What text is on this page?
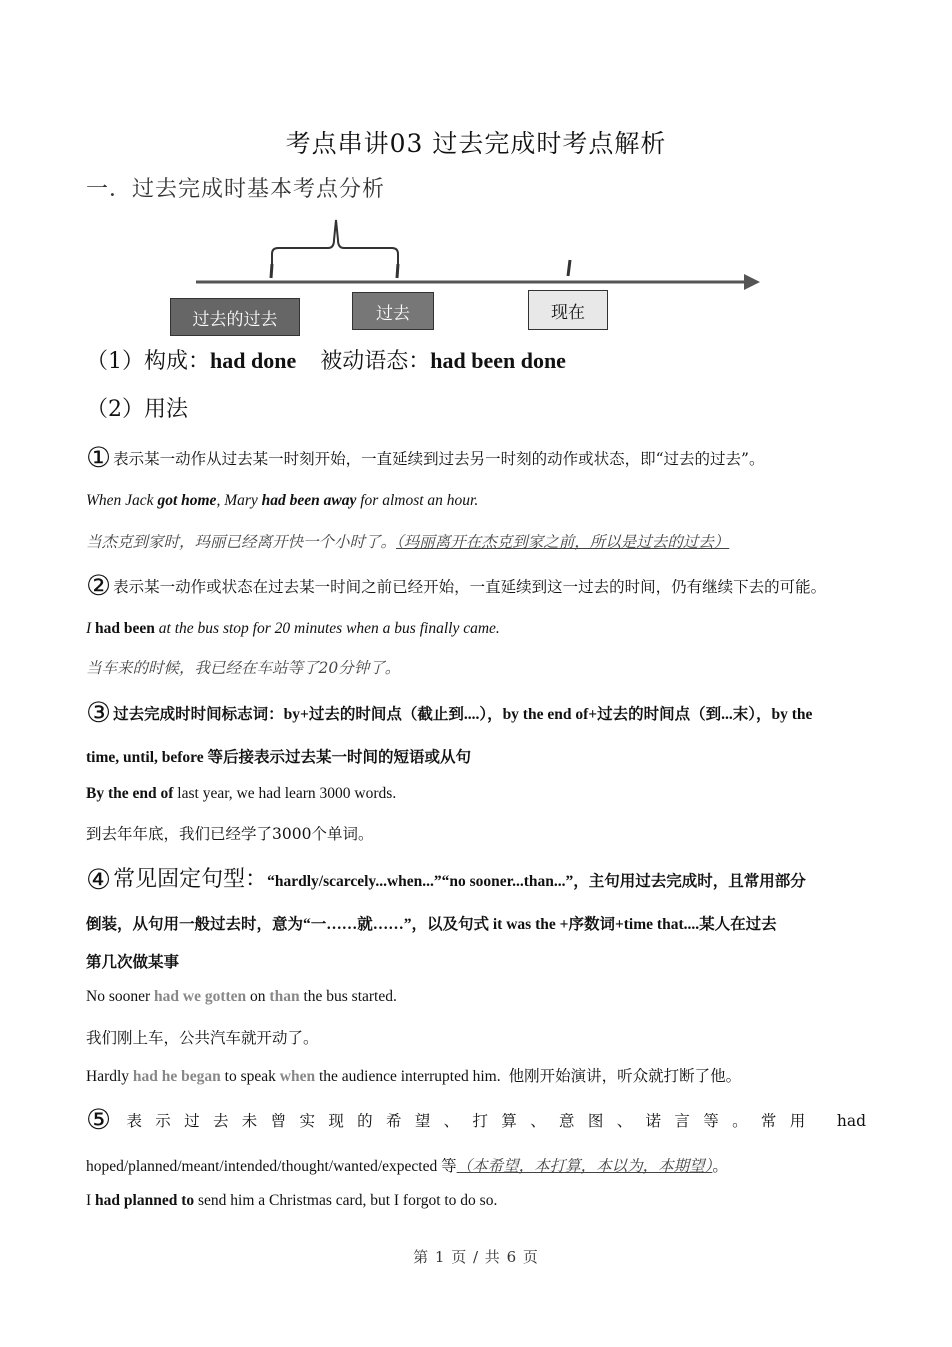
考点串讲03 过去完成时考点解析
一．过去完成时基本考点分析
过去的过去	过去	现在
（1）构成：had done 被动语态：had been done
（2）用法
① 表示某一动作从过去某一时刻开始，一直延续到过去另一时刻的动作或状态，即“过去的过去”。
When Jack got home, Mary had been away for almost an hour.
当杰克到家时，玛丽已经离开快一个小时了。（玛丽离开在杰克到家之前，所以是过去的过去）
② 表示某一动作或状态在过去某一时间之前已经开始，一直延续到这一过去的时间，仍有继续下去的可能。
I had been at the bus stop for 20 minutes when a bus finally came.
当车来的时候，我已经在车站等了20分钟了。
③ 过去完成时时间标志词：by+过去的时间点（截止到....），by the end of+过去的时间点（到...末），by the
time, until, before 等后接表示过去某一时间的短语或从句
By the end of last year, we had learn 3000 words.
到去年年底，我们已经学了3000个单词。
④常见固定句型：“hardly/scarcely...when...”“no sooner...than...”，主句用过去完成时，且常用部分
倒装，从句用一般过去时，意为“一……就……”，以及句式 it was the +序数词+time that....某人在过去
第几次做某事
No sooner had we gotten on than the bus started.
我们刚上车，公共汽车就开动了。
Hardly had he began to speak when the audience interrupted him. 他刚开始演讲，听众就打断了他。
⑤ 表示过去未曾实现的希望、打算、意图、诺言等。常用 had
hoped/planned/meant/intended/thought/wanted/expected 等（本希望，本打算，本以为，本期望）。
I had planned to send him a Christmas card, but I forgot to do so.
第 1 页 / 共 6 页
